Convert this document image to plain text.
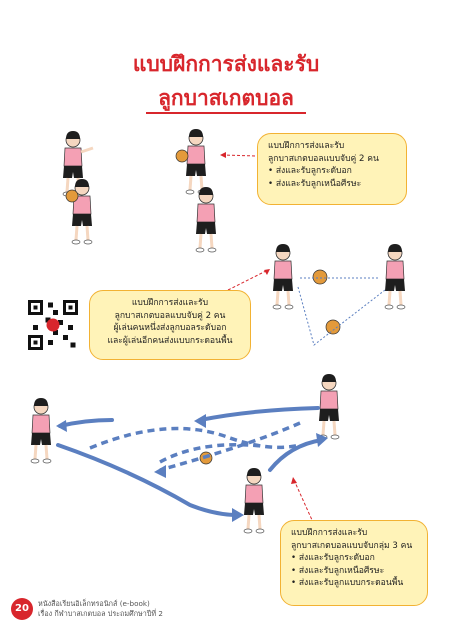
แบบฝึกการส่งและรับ
ลูกบาสเกตบอล
แบบฝึกการส่งและรับ
ลูกบาสเกตบอลแบบจับคู่ 2 คน
• ส่งและรับลูกระดับอก
• ส่งและรับลูกเหนือศีรษะ
แบบฝึกการส่งและรับ
ลูกบาสเกตบอลแบบจับคู่ 2 คน
ผู้เล่นคนหนึ่งส่งลูกบอลระดับอก
และผู้เล่นอีกคนส่งแบบกระดอนพื้น
แบบฝึกการส่งและรับ
ลูกบาสเกตบอลแบบจับกลุ่ม 3 คน
• ส่งและรับลูกระดับอก
• ส่งและรับลูกเหนือศีรษะ
• ส่งและรับลูกแบบกระดอนพื้น
20	หนังสือเรียนอิเล็กทรอนิกส์ (e-book)
เรื่อง กีฬาบาสเกตบอล ประถมศึกษาปีที่ 2
